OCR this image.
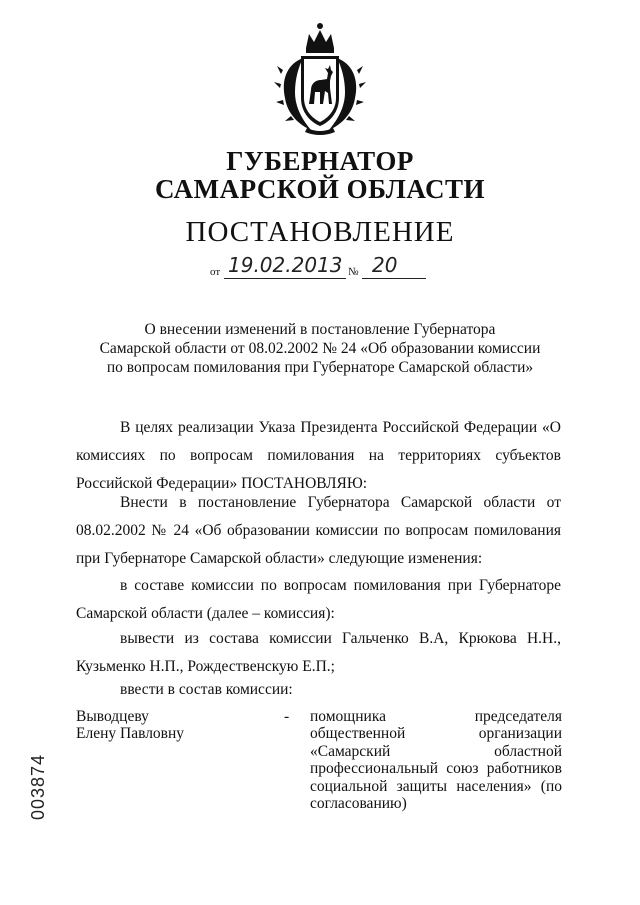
ГУБЕРНАТОР
САМАРСКОЙ ОБЛАСТИ
ПОСТАНОВЛЕНИЕ
от 19.02.2013 № 20
О внесении изменений в постановление Губернатора
Самарской области от 08.02.2002 № 24 «Об образовании комиссии
по вопросам помилования при Губернаторе Самарской области»
В целях реализации Указа Президента Российской Федерации «О комиссиях по вопросам помилования на территориях субъектов Российской Федерации» ПОСТАНОВЛЯЮ:
Внести в постановление Губернатора Самарской области от 08.02.2002 № 24 «Об образовании комиссии по вопросам помилования при Губернаторе Самарской области» следующие изменения:
в составе комиссии по вопросам помилования при Губернаторе Самарской области (далее – комиссия):
вывести из состава комиссии Гальченко В.А, Крюкова Н.Н., Кузьменко Н.П., Рождественскую Е.П.;
ввести в состав комиссии:
Выводцеву
Елену Павловну
- помощника председателя общественной организации «Самарский областной профессиональный союз работников социальной защиты населения» (по согласованию)
003874
